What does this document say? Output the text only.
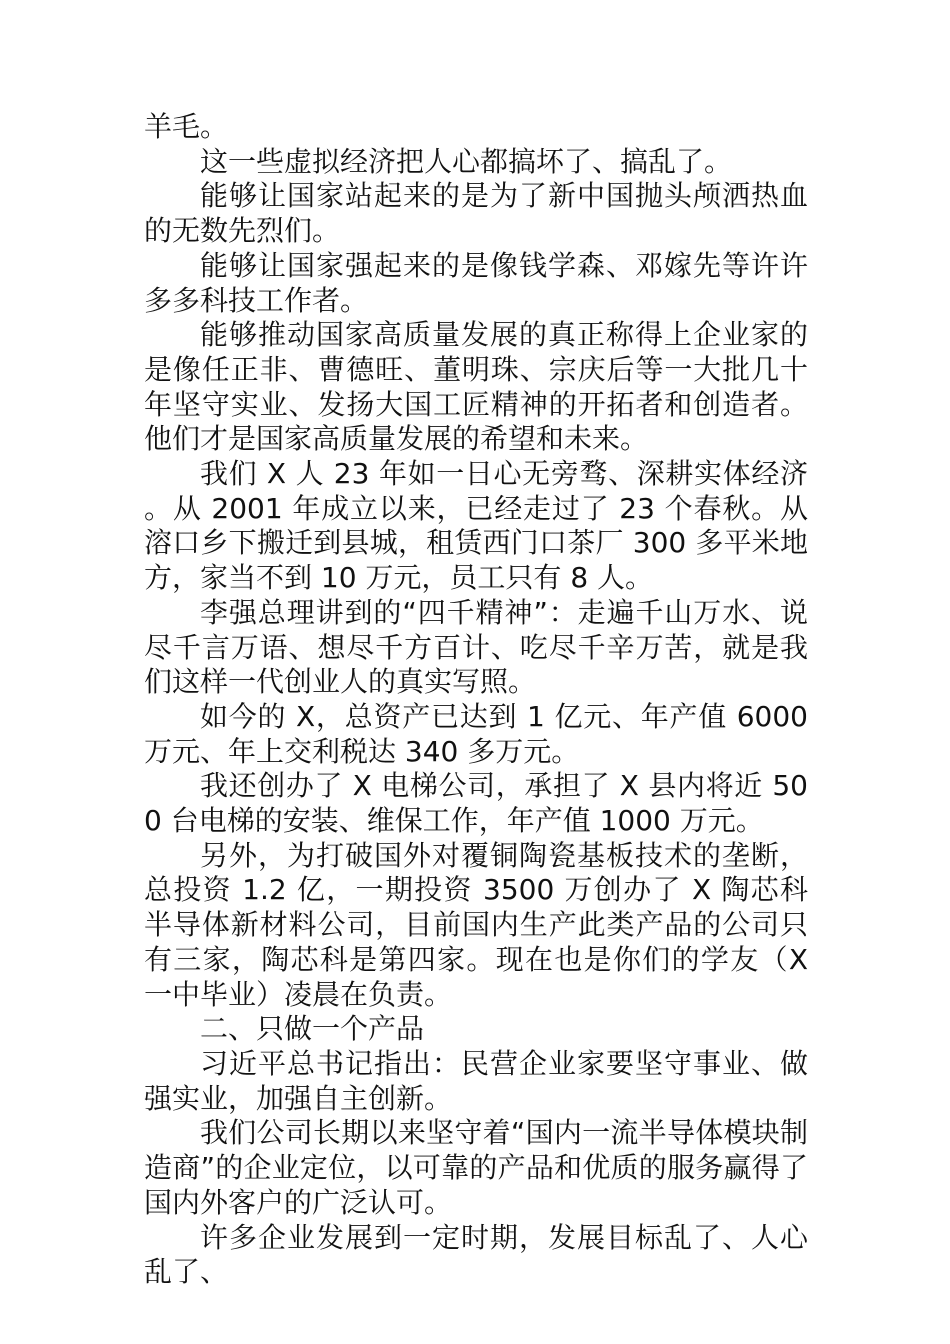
羊毛。

这一些虚拟经济把人心都搞坏了、搞乱了。

能够让国家站起来的是为了新中国抛头颅洒热血的无数先烈们。

能够让国家强起来的是像钱学森、邓嫁先等许许多多科技工作者。

能够推动国家高质量发展的真正称得上企业家的是像任正非、曹德旺、董明珠、宗庆后等一大批几十年坚守实业、发扬大国工匠精神的开拓者和创造者。他们才是国家高质量发展的希望和未来。

我们 X 人 23 年如一日心无旁骛、深耕实体经济。从 2001 年成立以来，已经走过了 23 个春秋。从溶口乡下搬迁到县城，租赁西门口茶厂 300 多平米地方，家当不到 10 万元，员工只有 8 人。

李强总理讲到的“四千精神”：走遍千山万水、说尽千言万语、想尽千方百计、吃尽千辛万苦，就是我们这样一代创业人的真实写照。

如今的 X，总资产已达到 1 亿元、年产值 6000 万元、年上交利税达 340 多万元。

我还创办了 X 电梯公司，承担了 X 县内将近 500 台电梯的安装、维保工作，年产值 1000 万元。

另外，为打破国外对覆铜陶瓷基板技术的垄断，总投资 1.2 亿，一期投资 3500 万创办了 X 陶芯科半导体新材料公司，目前国内生产此类产品的公司只有三家，陶芯科是第四家。现在也是你们的学友（X 一中毕业）凌晨在负责。

二、只做一个产品

习近平总书记指出：民营企业家要坚守事业、做强实业，加强自主创新。

我们公司长期以来坚守着“国内一流半导体模块制造商”的企业定位，以可靠的产品和优质的服务赢得了国内外客户的广泛认可。

许多企业发展到一定时期，发展目标乱了、人心乱了、
